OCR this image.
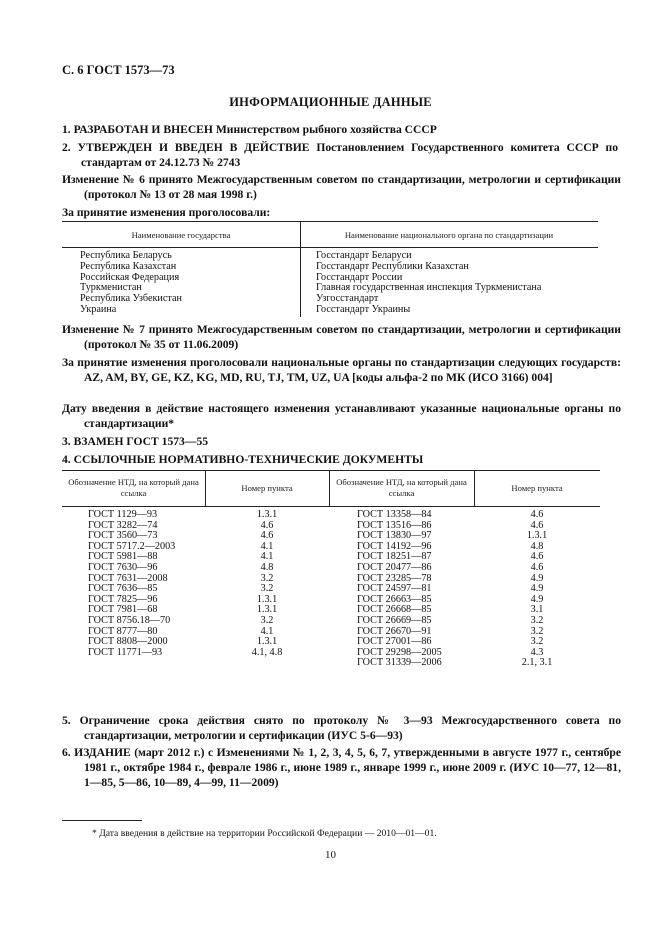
С. 6 ГОСТ 1573—73
ИНФОРМАЦИОННЫЕ ДАННЫЕ
1. РАЗРАБОТАН И ВНЕСЕН Министерством рыбного хозяйства СССР
2. УТВЕРЖДЕН И ВВЕДЕН В ДЕЙСТВИЕ Постановлением Государственного комитета СССР по стандартам от 24.12.73 № 2743
Изменение № 6 принято Межгосударственным советом по стандартизации, метрологии и сертификации (протокол № 13 от 28 мая 1998 г.)
За принятие изменения проголосовали:
Наименование государства	Наименование национального органа по стандартизации
Республика Беларусь	Госстандарт Беларуси
Республика Казахстан	Госстандарт Республики Казахстан
Российская Федерация	Госстандарт России
Туркменистан	Главная государственная инспекция Туркменистана
Республика Узбекистан	Узгосстандарт
Украина	Госстандарт Украины
Изменение № 7 принято Межгосударственным советом по стандартизации, метрологии и сертификации (протокол № 35 от 11.06.2009)
За принятие изменения проголосовали национальные органы по стандартизации следующих государств: AZ, AM, BY, GE, KZ, KG, MD, RU, TJ, TM, UZ, UA [коды альфа-2 по МК (ИСО 3166) 004]
Дату введения в действие настоящего изменения устанавливают указанные национальные органы по стандартизации*
3. ВЗАМЕН ГОСТ 1573—55
4. ССЫЛОЧНЫЕ НОРМАТИВНО-ТЕХНИЧЕСКИЕ ДОКУМЕНТЫ
Обозначение НТД, на который дана ссылка	Номер пункта
Обозначение НТД, на который дана ссылка	Номер пункта
ГОСТ 1129—93	1.3.1
ГОСТ 3282—74	4.6
ГОСТ 3560—73	4.6
ГОСТ 5717.2—2003	4.1
ГОСТ 5981—88	4.1
ГОСТ 7630—96	4.8
ГОСТ 7631—2008	3.2
ГОСТ 7636—85	3.2
ГОСТ 7825—96	1.3.1
ГОСТ 7981—68	1.3.1
ГОСТ 8756.18—70	3.2
ГОСТ 8777—80	4.1
ГОСТ 8808—2000	1.3.1
ГОСТ 11771—93	4.1, 4.8
ГОСТ 13358—84	4.6
ГОСТ 13516—86	4.6
ГОСТ 13830—97	1.3.1
ГОСТ 14192—96	4.8
ГОСТ 18251—87	4.6
ГОСТ 20477—86	4.6
ГОСТ 23285—78	4.9
ГОСТ 24597—81	4.9
ГОСТ 26663—85	4.9
ГОСТ 26668—85	3.1
ГОСТ 26669—85	3.2
ГОСТ 26670—91	3.2
ГОСТ 27001—86	3.2
ГОСТ 29298—2005	4.3
ГОСТ 31339—2006	2.1, 3.1
5. Ограничение срока действия снято по протоколу № 3—93 Межгосударственного совета по стандартизации, метрологии и сертификации (ИУС 5-6—93)
6. ИЗДАНИЕ (март 2012 г.) с Изменениями № 1, 2, 3, 4, 5, 6, 7, утвержденными в августе 1977 г., сентябре 1981 г., октябре 1984 г., феврале 1986 г., июне 1989 г., январе 1999 г., июне 2009 г. (ИУС 10—77, 12—81, 1—85, 5—86, 10—89, 4—99, 11—2009)
* Дата введения в действие на территории Российской Федерации — 2010—01—01.
10
